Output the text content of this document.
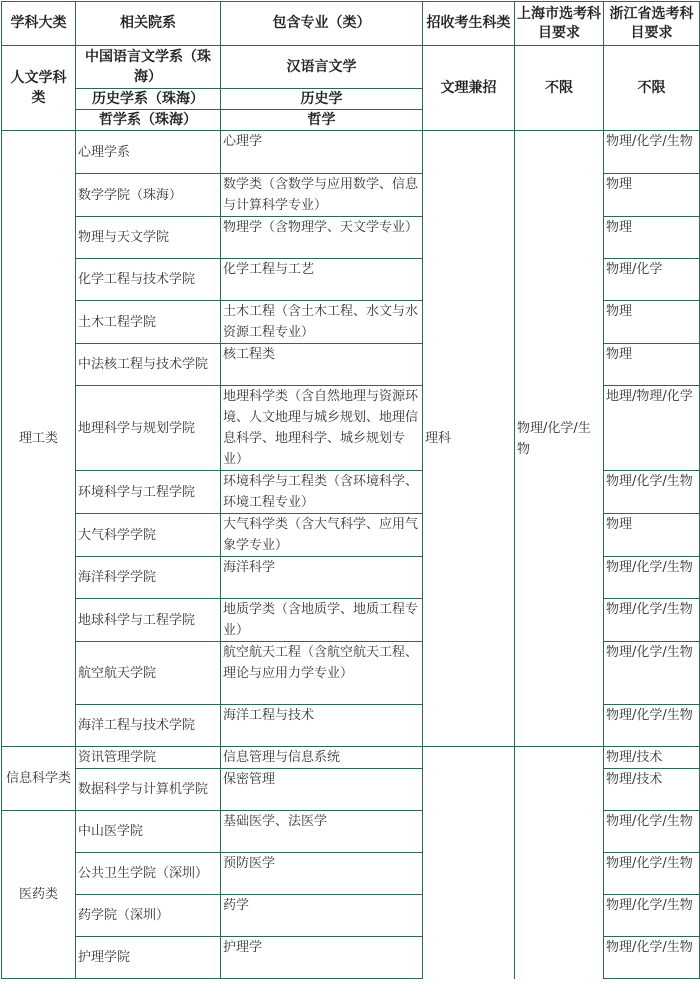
学科大类	相关院系	包含专业（类）	招收考生科类	上海市选考科目要求	浙江省选考科目要求
人文学科类	中国语言文学系（珠海）	汉语言文学	文理兼招	不限	不限
	历史学系（珠海）	历史学			
	哲学系（珠海）	哲学			
理工类	心理学系	心理学	理科	物理/化学/生物	物理/化学/生物
	数学学院（珠海）	数学类（含数学与应用数学、信息与计算科学专业）			物理
	物理与天文学院	物理学（含物理学、天文学专业）			物理
	化学工程与技术学院	化学工程与工艺			物理/化学
	土木工程学院	土木工程（含土木工程、水文与水资源工程专业）			物理
	中法核工程与技术学院	核工程类			物理
	地理科学与规划学院	地理科学类（含自然地理与资源环境、人文地理与城乡规划、地理信息科学、地理科学、城乡规划专业）			地理/物理/化学
	环境科学与工程学院	环境科学与工程类（含环境科学、环境工程专业）			物理/化学/生物
	大气科学学院	大气科学类（含大气科学、应用气象学专业）			物理
	海洋科学学院	海洋科学			物理/化学/生物
	地球科学与工程学院	地质学类（含地质学、地质工程专业）			物理/化学/生物
	航空航天学院	航空航天工程（含航空航天工程、理论与应用力学专业）			物理/化学/生物
	海洋工程与技术学院	海洋工程与技术			物理/化学/生物
信息科学类	资讯管理学院	信息管理与信息系统			物理/技术
	数据科学与计算机学院	保密管理			物理/技术
医药类	中山医学院	基础医学、法医学			物理/化学/生物
	公共卫生学院（深圳）	预防医学			物理/化学/生物
	药学院（深圳）	药学			物理/化学/生物
	护理学院	护理学			物理/化学/生物
